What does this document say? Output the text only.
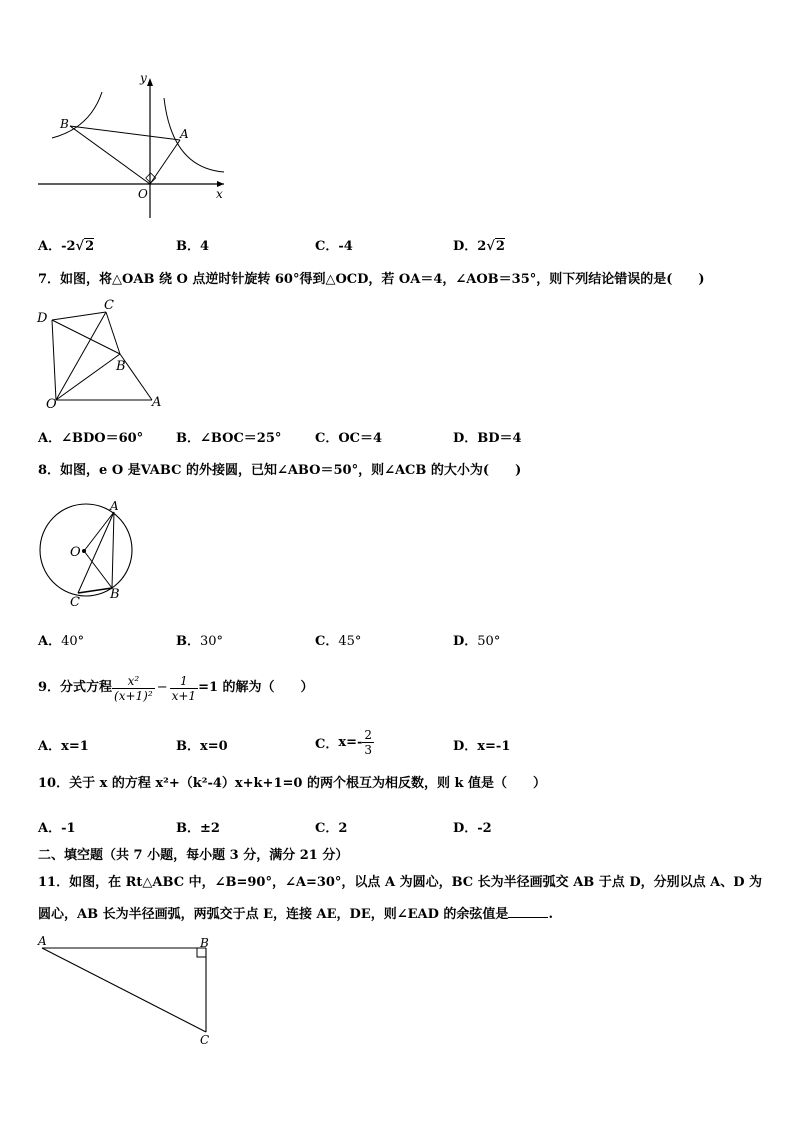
y
x
O
A
B
A．-2√2	B．4	C．-4	D．2√2
7．如图，将△OAB 绕 O 点逆时针旋转 60°得到△OCD，若 OA＝4，∠AOB＝35°，则下列结论错误的是(　　)
D
C
B
O	A
A．∠BDO＝60°	B．∠BOC＝25°	C．OC＝4	D．BD＝4
8．如图，e O 是VABC 的外接圆，已知∠ABO＝50°，则∠ACB 的大小为(　　)
A
O
C
B
A．40°	B．30°	C．45°	D．50°
9．分式方程 $\frac{\text{x²}}{\text{(x+1)²}} - \frac{1}{x+1} =1$ 的解为（　　）
A．x=1	B．x=0	C． $x=- \frac{2}{3}$	D．x=-1
10．关于 x 的方程 x²+（k²-4）x+k+1=0 的两个根互为相反数，则 k 值是（　　）
A．-1	B．±2	C．2	D．-2
二、填空题（共 7 小题，每小题 3 分，满分 21 分）
11．如图，在 Rt△ABC 中，∠B=90°，∠A=30°，以点 A 为圆心，BC 长为半径画弧交 AB 于点 D，分别以点 A、D 为
圆心，AB 长为半径画弧，两弧交于点 E，连接 AE，DE，则∠EAD 的余弦值是	.
A	B
C
